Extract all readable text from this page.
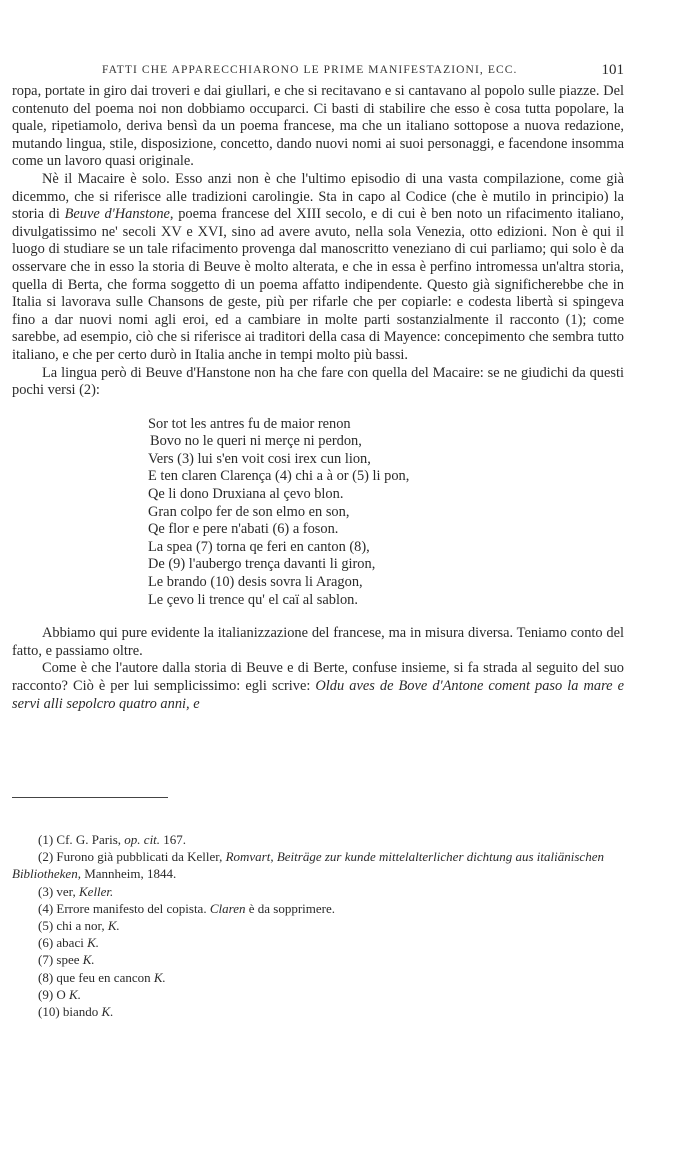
FATTI CHE APPARECCHIARONO LE PRIME MANIFESTAZIONI, ECC.	101

ropa, portate in giro dai troveri e dai giullari, e che si recitavano e si cantavano al popolo sulle piazze. Del contenuto del poema noi non dobbiamo occuparci. Ci basti di stabilire che esso è cosa tutta popolare, la quale, ripetiamolo, deriva bensì da un poema francese, ma che un italiano sottopose a nuova redazione, mutando lingua, stile, disposizione, concetto, dando nuovi nomi ai suoi personaggi, e facendone insomma come un lavoro quasi originale.

Nè il Macaire è solo. Esso anzi non è che l'ultimo episodio di una vasta compilazione, come già dicemmo, che si riferisce alle tradizioni carolingie. Sta in capo al Codice (che è mutilo in principio) la storia di Beuve d'Hanstone, poema francese del XIII secolo, e di cui è ben noto un rifacimento italiano, divulgatissimo ne' secoli XV e XVI, sino ad avere avuto, nella sola Venezia, otto edizioni. Non è qui il luogo di studiare se un tale rifacimento provenga dal manoscritto veneziano di cui parliamo; qui solo è da osservare che in esso la storia di Beuve è molto alterata, e che in essa è perfino intromessa un'altra storia, quella di Berta, che forma soggetto di un poema affatto indipendente. Questo già significherebbe che in Italia si lavorava sulle Chansons de geste, più per rifarle che per copiarle: e codesta libertà si spingeva fino a dar nuovi nomi agli eroi, ed a cambiare in molte parti sostanzialmente il racconto (1); come sarebbe, ad esempio, ciò che si riferisce ai traditori della casa di Mayence: concepimento che sembra tutto italiano, e che per certo durò in Italia anche in tempi molto più bassi.

La lingua però di Beuve d'Hanstone non ha che fare con quella del Macaire: se ne giudichi da questi pochi versi (2):

Sor tot les antres fu de maior renon
Bovo no le queri ni merçe ni perdon,
Vers (3) lui s'en voit cosi irex cun lion,
E ten claren Clarença (4) chi a à or (5) li pon,
Qe li dono Druxiana al çevo blon.
Gran colpo fer de son elmo en son,
Qe flor e pere n'abati (6) a foson.
La spea (7) torna qe feri en canton (8),
De (9) l'aubergo trença davanti li giron,
Le brando (10) desis sovra li Aragon,
Le çevo li trence qu' el caï al sablon.

Abbiamo qui pure evidente la italianizzazione del francese, ma in misura diversa. Teniamo conto del fatto, e passiamo oltre.

Come è che l'autore dalla storia di Beuve e di Berte, confuse insieme, si fa strada al seguito del suo racconto? Ciò è per lui semplicissimo: egli scrive: Oldu aves de Bove d'Antone coment paso la mare e servi alli sepolcro quatro anni, e

(1) Cf. G. Paris, op. cit. 167.
(2) Furono già pubblicati da Keller, Romvart, Beiträge zur kunde mittelalterlicher dichtung aus italiänischen Bibliotheken, Mannheim, 1844.
(3) ver, Keller.
(4) Errore manifesto del copista. Claren è da sopprimere.
(5) chi a nor, K.
(6) abaci K.
(7) spee K.
(8) que feu en cancon K.
(9) O K.
(10) biando K.
